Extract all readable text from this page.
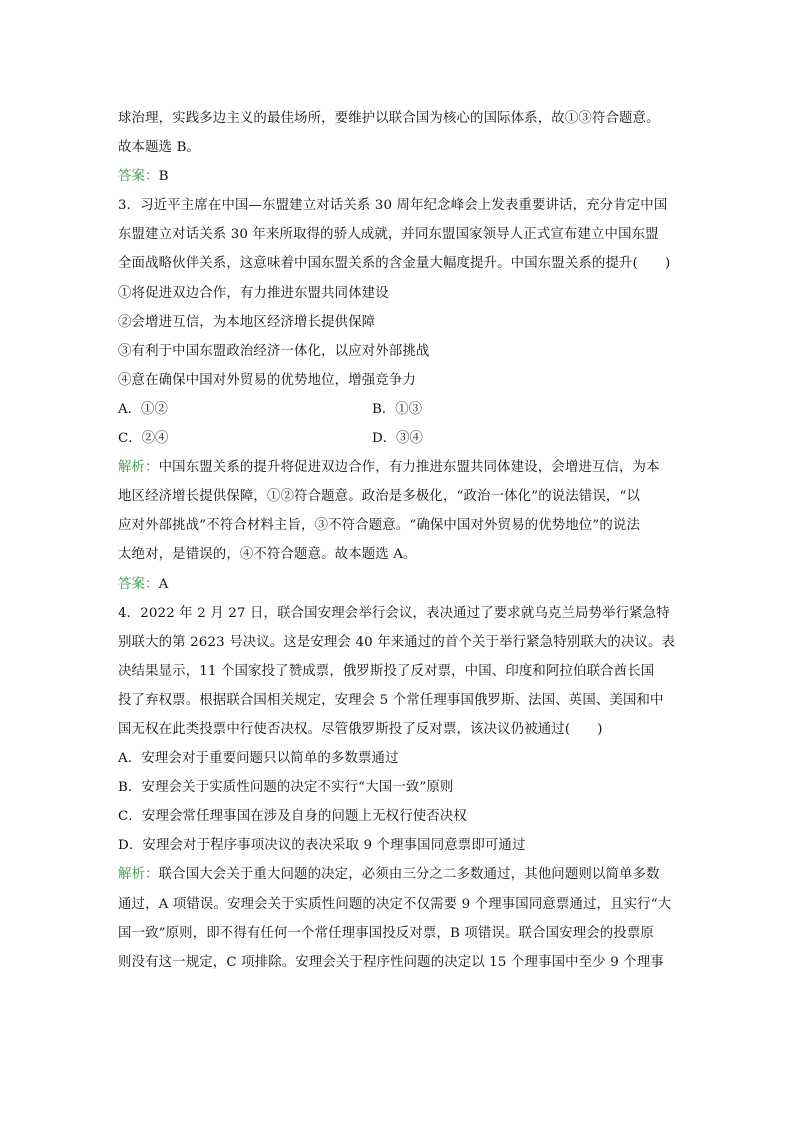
球治理，实践多边主义的最佳场所，要维护以联合国为核心的国际体系，故①③符合题意。
故本题选 B。
答案：B
3．习近平主席在中国—东盟建立对话关系 30 周年纪念峰会上发表重要讲话，充分肯定中国
东盟建立对话关系 30 年来所取得的骄人成就，并同东盟国家领导人正式宣布建立中国东盟
全面战略伙伴关系，这意味着中国东盟关系的含金量大幅度提升。中国东盟关系的提升(　　)
①将促进双边合作，有力推进东盟共同体建设
②会增进互信，为本地区经济增长提供保障
③有利于中国东盟政治经济一体化，以应对外部挑战
④意在确保中国对外贸易的优势地位，增强竞争力
A．①②	B．①③
C．②④	D．③④
解析：中国东盟关系的提升将促进双边合作，有力推进东盟共同体建设，会增进互信，为本
地区经济增长提供保障，①②符合题意。政治是多极化，“政治一体化”的说法错误，“以
应对外部挑战”不符合材料主旨，③不符合题意。“确保中国对外贸易的优势地位”的说法
太绝对，是错误的，④不符合题意。故本题选 A。
答案：A
4．2022 年 2 月 27 日，联合国安理会举行会议，表决通过了要求就乌克兰局势举行紧急特
别联大的第 2623 号决议。这是安理会 40 年来通过的首个关于举行紧急特别联大的决议。表
决结果显示，11 个国家投了赞成票，俄罗斯投了反对票，中国、印度和阿拉伯联合酋长国
投了弃权票。根据联合国相关规定，安理会 5 个常任理事国俄罗斯、法国、英国、美国和中
国无权在此类投票中行使否决权。尽管俄罗斯投了反对票，该决议仍被通过(　　)
A．安理会对于重要问题只以简单的多数票通过
B．安理会关于实质性问题的决定不实行“大国一致”原则
C．安理会常任理事国在涉及自身的问题上无权行使否决权
D．安理会对于程序事项决议的表决采取 9 个理事国同意票即可通过
解析：联合国大会关于重大问题的决定，必须由三分之二多数通过，其他问题则以简单多数
通过，A 项错误。安理会关于实质性问题的决定不仅需要 9 个理事国同意票通过，且实行“大
国一致”原则，即不得有任何一个常任理事国投反对票，B 项错误。联合国安理会的投票原
则没有这一规定，C 项排除。安理会关于程序性问题的决定以 15 个理事国中至少 9 个理事
